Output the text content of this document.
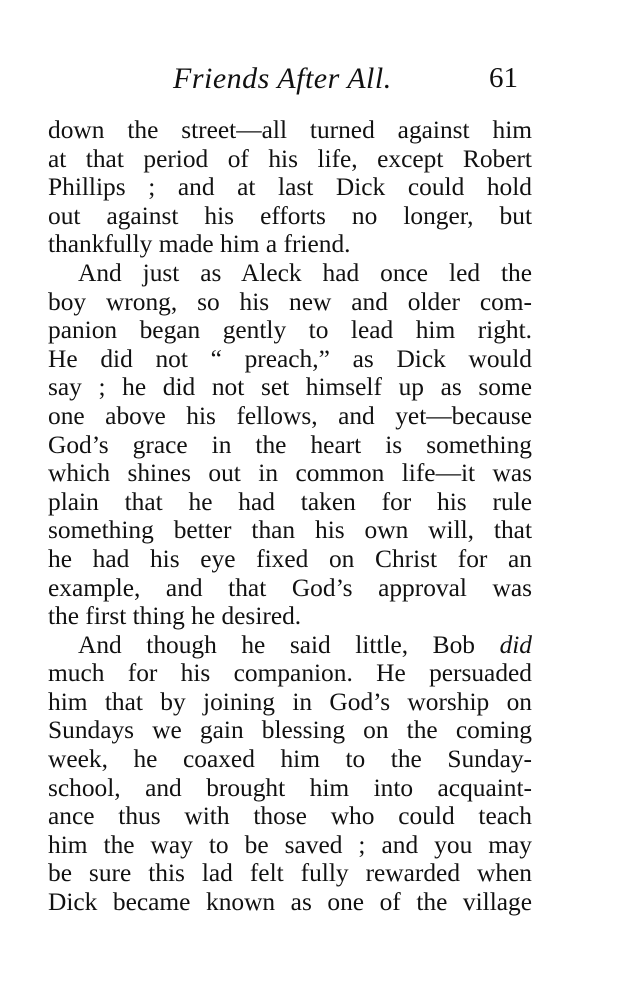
Friends After All.	61
down the street—all turned against him
at that period of his life, except Robert
Phillips ; and at last Dick could hold
out against his efforts no longer, but
thankfully made him a friend.
And just as Aleck had once led the
boy wrong, so his new and older com-
panion began gently to lead him right.
He did not “ preach,” as Dick would
say ; he did not set himself up as some
one above his fellows, and yet—because
God’s grace in the heart is something
which shines out in common life—it was
plain that he had taken for his rule
something better than his own will, that
he had his eye fixed on Christ for an
example, and that God’s approval was
the first thing he desired.
And though he said little, Bob did
much for his companion. He persuaded
him that by joining in God’s worship on
Sundays we gain blessing on the coming
week, he coaxed him to the Sunday-
school, and brought him into acquaint-
ance thus with those who could teach
him the way to be saved ; and you may
be sure this lad felt fully rewarded when
Dick became known as one of the village
